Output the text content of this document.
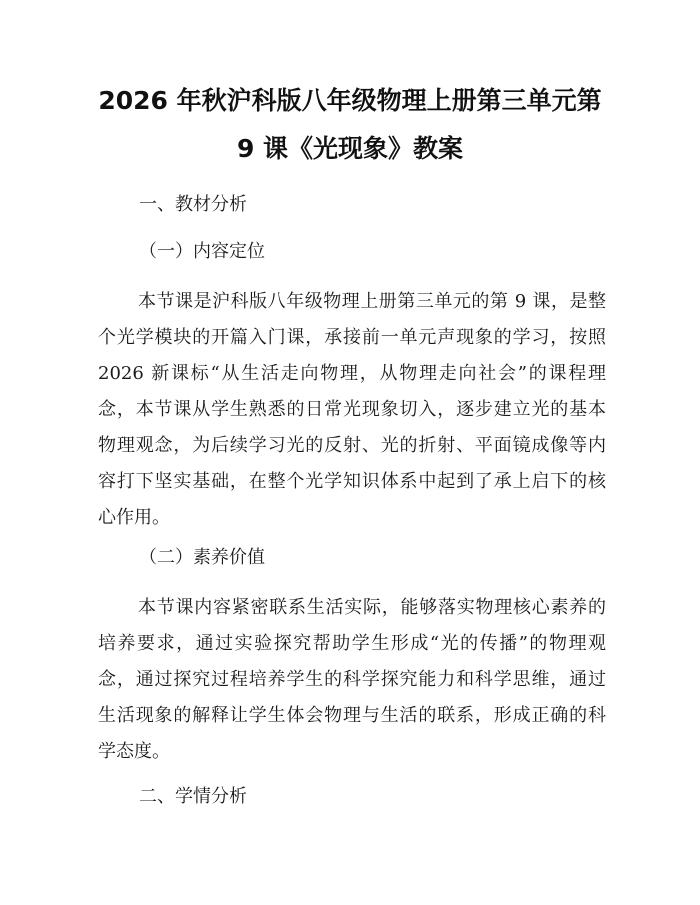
2026 年秋沪科版八年级物理上册第三单元第
9 课《光现象》教案
一、教材分析
（一）内容定位
本节课是沪科版八年级物理上册第三单元的第 9 课，是整
个光学模块的开篇入门课，承接前一单元声现象的学习，按照
2026 新课标“从生活走向物理，从物理走向社会”的课程理
念，本节课从学生熟悉的日常光现象切入，逐步建立光的基本
物理观念，为后续学习光的反射、光的折射、平面镜成像等内
容打下坚实基础，在整个光学知识体系中起到了承上启下的核
心作用。
（二）素养价值
本节课内容紧密联系生活实际，能够落实物理核心素养的
培养要求，通过实验探究帮助学生形成“光的传播”的物理观
念，通过探究过程培养学生的科学探究能力和科学思维，通过
生活现象的解释让学生体会物理与生活的联系，形成正确的科
学态度。
二、学情分析
